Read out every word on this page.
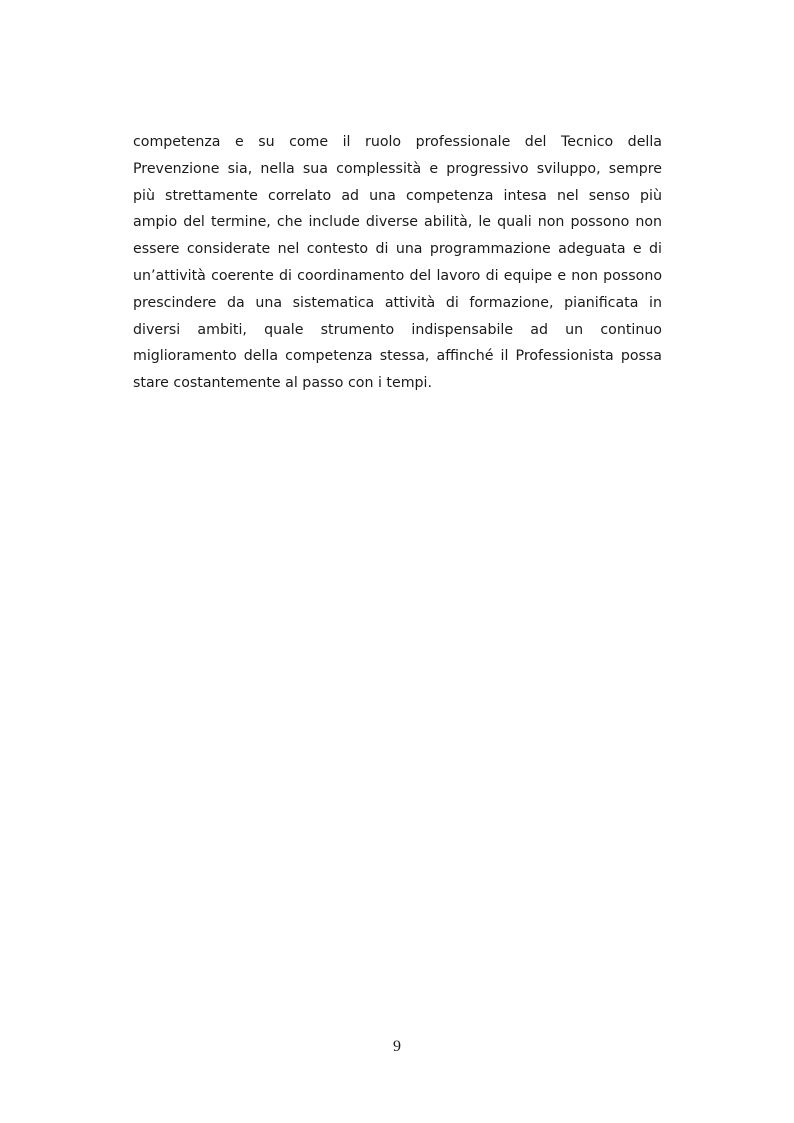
competenza e su come il ruolo professionale del Tecnico della
Prevenzione sia, nella sua complessità e progressivo sviluppo, sempre
più strettamente correlato ad una competenza intesa nel senso più
ampio del termine, che include diverse abilità, le quali non possono non
essere considerate nel contesto di una programmazione adeguata e di
un’attività coerente di coordinamento del lavoro di equipe e non possono
prescindere da una sistematica attività di formazione, pianificata in
diversi ambiti, quale strumento indispensabile ad un continuo
miglioramento della competenza stessa, affinché il Professionista possa
stare costantemente al passo con i tempi.

9
